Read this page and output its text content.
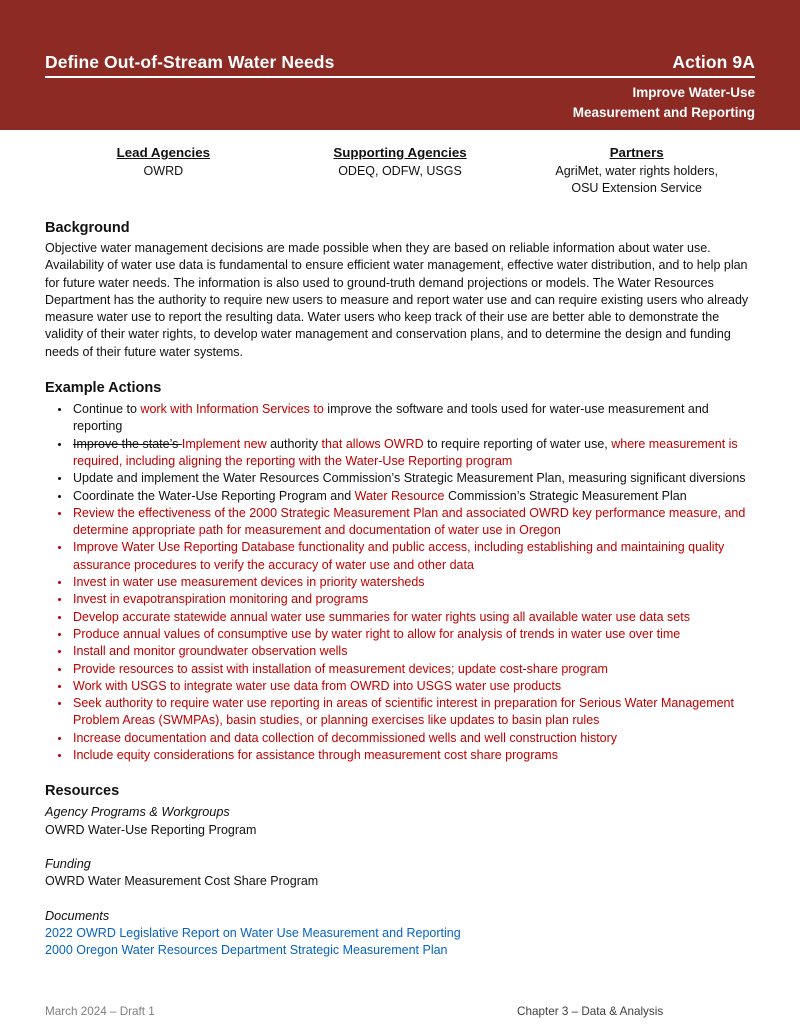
Define Out-of-Stream Water Needs	Action 9A
Improve Water-Use
Measurement and Reporting
Lead Agencies
OWRD
Supporting Agencies
ODEQ, ODFW, USGS
Partners
AgriMet, water rights holders,
OSU Extension Service
Background

Objective water management decisions are made possible when they are based on reliable information about water use. Availability of water use data is fundamental to ensure efficient water management, effective water distribution, and to help plan for future water needs. The information is also used to ground-truth demand projections or models. The Water Resources Department has the authority to require new users to measure and report water use and can require existing users who already measure water use to report the resulting data. Water users who keep track of their use are better able to demonstrate the validity of their water rights, to develop water management and conservation plans, and to determine the design and funding needs of their future water systems.

Example Actions
• Continue to work with Information Services to improve the software and tools used for water-use measurement and reporting
• Improve the state’s Implement new authority that allows OWRD to require reporting of water use, where measurement is required, including aligning the reporting with the Water-Use Reporting program
• Update and implement the Water Resources Commission’s Strategic Measurement Plan, measuring significant diversions
• Coordinate the Water-Use Reporting Program and Water Resource Commission’s Strategic Measurement Plan
• Review the effectiveness of the 2000 Strategic Measurement Plan and associated OWRD key performance measure, and determine appropriate path for measurement and documentation of water use in Oregon
• Improve Water Use Reporting Database functionality and public access, including establishing and maintaining quality assurance procedures to verify the accuracy of water use and other data
• Invest in water use measurement devices in priority watersheds
• Invest in evapotranspiration monitoring and programs
• Develop accurate statewide annual water use summaries for water rights using all available water use data sets
• Produce annual values of consumptive use by water right to allow for analysis of trends in water use over time
• Install and monitor groundwater observation wells
• Provide resources to assist with installation of measurement devices; update cost-share program
• Work with USGS to integrate water use data from OWRD into USGS water use products
• Seek authority to require water use reporting in areas of scientific interest in preparation for Serious Water Management Problem Areas (SWMPAs), basin studies, or planning exercises like updates to basin plan rules
• Increase documentation and data collection of decommissioned wells and well construction history
• Include equity considerations for assistance through measurement cost share programs
Resources
Agency Programs & Workgroups
OWRD Water-Use Reporting Program
Funding
OWRD Water Measurement Cost Share Program
Documents
2022 OWRD Legislative Report on Water Use Measurement and Reporting
2000 Oregon Water Resources Department Strategic Measurement Plan
March 2024 – Draft 1	Chapter 3 – Data & Analysis
